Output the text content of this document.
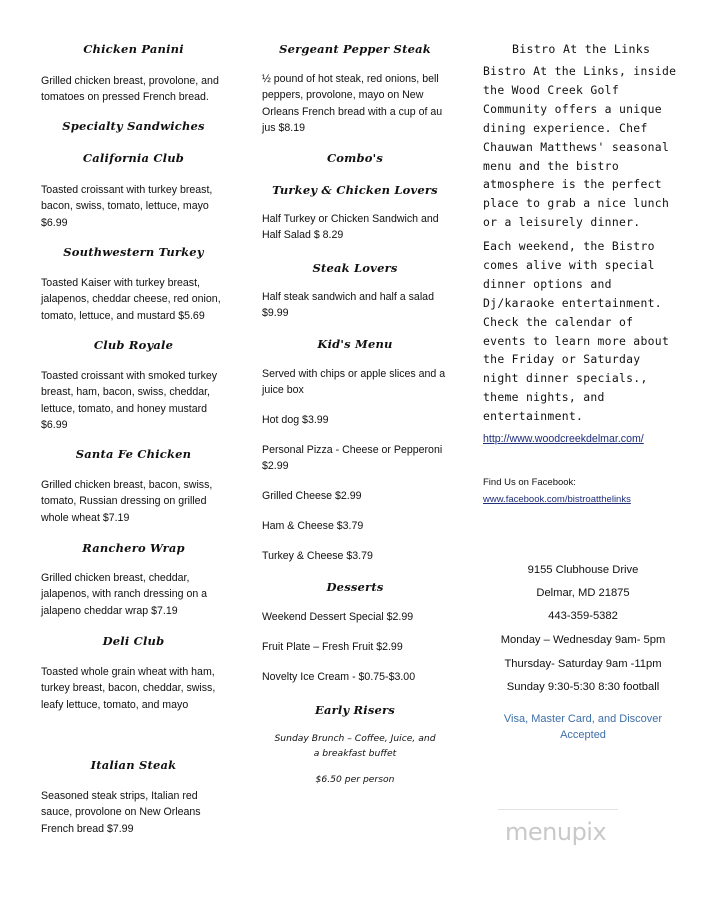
Chicken Panini
Grilled chicken breast, provolone, and
tomatoes on pressed French bread.
Specialty Sandwiches
California Club
Toasted croissant with turkey breast,
bacon, swiss, tomato, lettuce, mayo
$6.99
Southwestern Turkey
Toasted Kaiser with turkey breast,
jalapenos, cheddar cheese, red onion,
tomato, lettuce, and mustard $5.69
Club Royale
Toasted croissant with smoked turkey
breast, ham, bacon, swiss, cheddar,
lettuce, tomato, and honey mustard
$6.99
Santa Fe Chicken
Grilled chicken breast, bacon, swiss,
tomato, Russian dressing on grilled
whole wheat $7.19
Ranchero Wrap
Grilled chicken breast, cheddar,
jalapenos, with ranch dressing on a
jalapeno cheddar wrap $7.19
Deli Club
Toasted whole grain wheat with ham,
turkey breast, bacon, cheddar, swiss,
leafy lettuce, tomato, and mayo
Italian Steak
Seasoned steak strips, Italian red
sauce, provolone on New Orleans
French bread $7.99
Sergeant Pepper Steak
½ pound of hot steak, red onions, bell
peppers, provolone, mayo on New
Orleans French bread with a cup of au
jus $8.19
Combo's
Turkey & Chicken Lovers
Half Turkey or Chicken Sandwich and
Half Salad $ 8.29
Steak Lovers
Half steak sandwich and half a salad
$9.99
Kid's Menu
Served with chips or apple slices and a
juice box
Hot dog $3.99
Personal Pizza - Cheese or Pepperoni
$2.99
Grilled Cheese $2.99
Ham & Cheese $3.79
Turkey & Cheese $3.79
Desserts
Weekend Dessert Special $2.99
Fruit Plate – Fresh Fruit $2.99
Novelty Ice Cream - $0.75-$3.00
Early Risers
Sunday Brunch – Coffee, Juice, and
a breakfast buffet
$6.50 per person
Bistro At the Links
Bistro At the Links, inside
the Wood Creek Golf
Community offers a unique
dining experience. Chef
Chauwan Matthews' seasonal
menu and the bistro
atmosphere is the perfect
place to grab a nice lunch
or a leisurely dinner.
Each weekend, the Bistro
comes alive with special
dinner options and
Dj/karaoke entertainment.
Check the calendar of
events to learn more about
the Friday or Saturday
night dinner specials.,
theme nights, and
entertainment.
http://www.woodcreekdelmar.com/
Find Us on Facebook:
www.facebook.com/bistroatthelinks
9155 Clubhouse Drive
Delmar, MD 21875
443-359-5382
Monday – Wednesday 9am- 5pm
Thursday- Saturday 9am -11pm
Sunday 9:30-5:30 8:30 football
Visa, Master Card, and Discover
Accepted
menupix
